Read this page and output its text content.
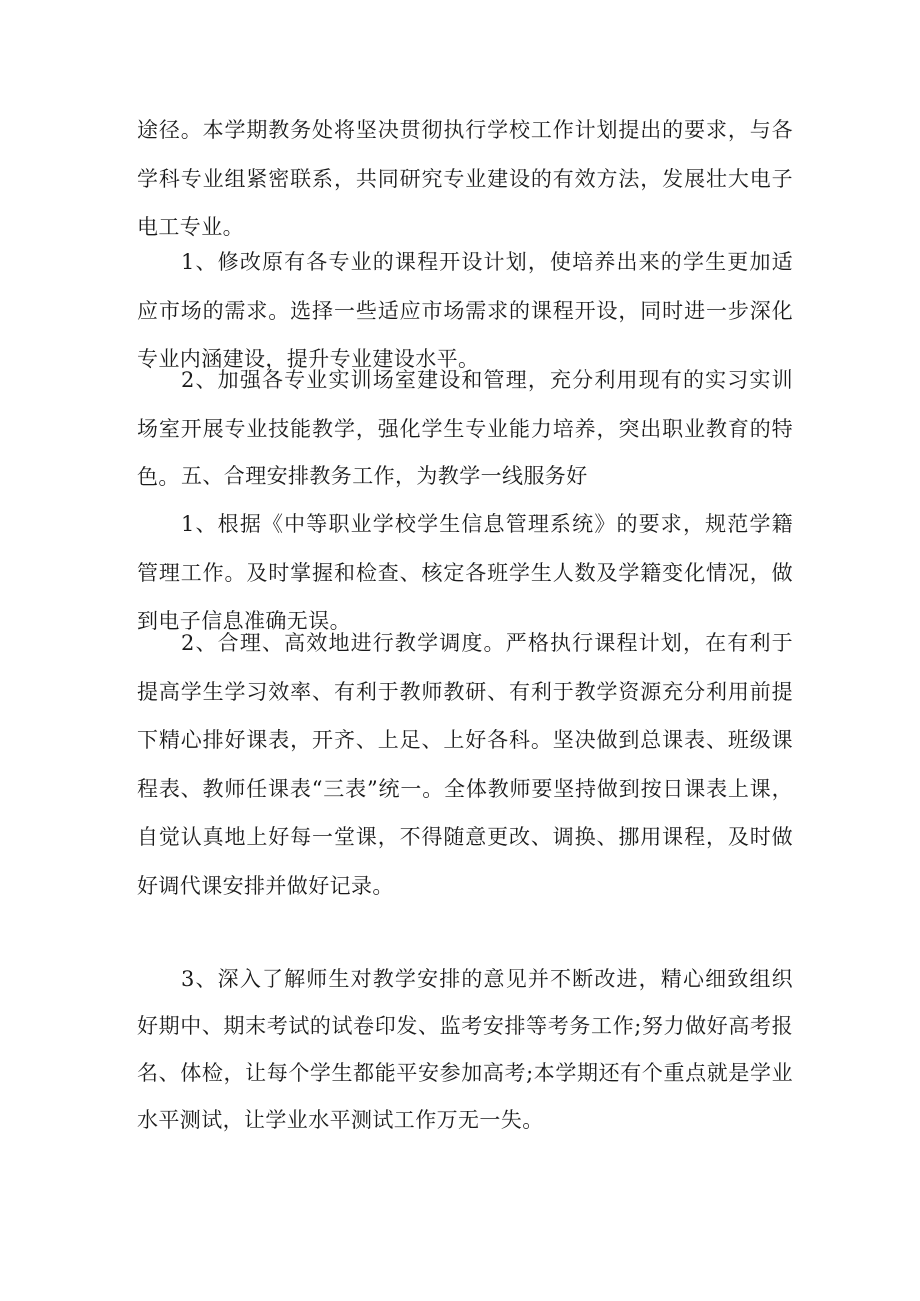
途径。本学期教务处将坚决贯彻执行学校工作计划提出的要求，与各学科专业组紧密联系，共同研究专业建设的有效方法，发展壮大电子电工专业。

1、修改原有各专业的课程开设计划，使培养出来的学生更加适应市场的需求。选择一些适应市场需求的课程开设，同时进一步深化专业内涵建设，提升专业建设水平。

2、加强各专业实训场室建设和管理，充分利用现有的实习实训场室开展专业技能教学，强化学生专业能力培养，突出职业教育的特色。 五、合理安排教务工作，为教学一线服务好

1、根据《中等职业学校学生信息管理系统》的要求，规范学籍管理工作。及时掌握和检查、核定各班学生人数及学籍变化情况，做到电子信息准确无误。

2、合理、高效地进行教学调度。严格执行课程计划，在有利于提高学生学习效率、有利于教师教研、有利于教学资源充分利用前提下精心排好课表，开齐、上足、上好各科。坚决做到总课表、班级课程表、教师任课表“三表”统一。全体教师要坚持做到按日课表上课，自觉认真地上好每一堂课，不得随意更改、调换、挪用课程，及时做好调代课安排并做好记录。

3、深入了解师生对教学安排的意见并不断改进，精心细致组织好期中、期末考试的试卷印发、监考安排等考务工作;努力做好高考报名、体检，让每个学生都能平安参加高考;本学期还有个重点就是学业水平测试，让学业水平测试工作万无一失。
